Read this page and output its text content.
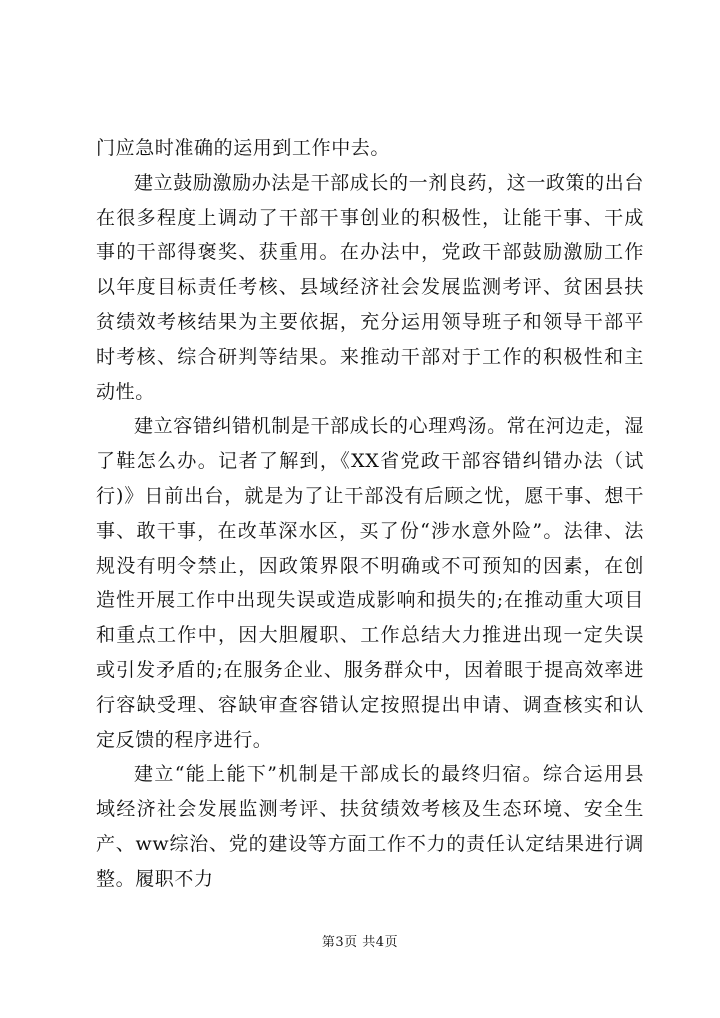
门应急时准确的运用到工作中去。

建立鼓励激励办法是干部成长的一剂良药，这一政策的出台在很多程度上调动了干部干事创业的积极性，让能干事、干成事的干部得褒奖、获重用。在办法中，党政干部鼓励激励工作以年度目标责任考核、县域经济社会发展监测考评、贫困县扶贫绩效考核结果为主要依据，充分运用领导班子和领导干部平时考核、综合研判等结果。来推动干部对于工作的积极性和主动性。

建立容错纠错机制是干部成长的心理鸡汤。常在河边走，湿了鞋怎么办。记者了解到，《XX省党政干部容错纠错办法（试行)》日前出台，就是为了让干部没有后顾之忧，愿干事、想干事、敢干事，在改革深水区，买了份“涉水意外险”。法律、法规没有明令禁止，因政策界限不明确或不可预知的因素，在创造性开展工作中出现失误或造成影响和损失的;在推动重大项目和重点工作中，因大胆履职、工作总结大力推进出现一定失误或引发矛盾的;在服务企业、服务群众中，因着眼于提高效率进行容缺受理、容缺审查容错认定按照提出申请、调查核实和认定反馈的程序进行。

建立“能上能下”机制是干部成长的最终归宿。综合运用县域经济社会发展监测考评、扶贫绩效考核及生态环境、安全生产、ww综治、党的建设等方面工作不力的责任认定结果进行调整。履职不力

第3页 共4页
